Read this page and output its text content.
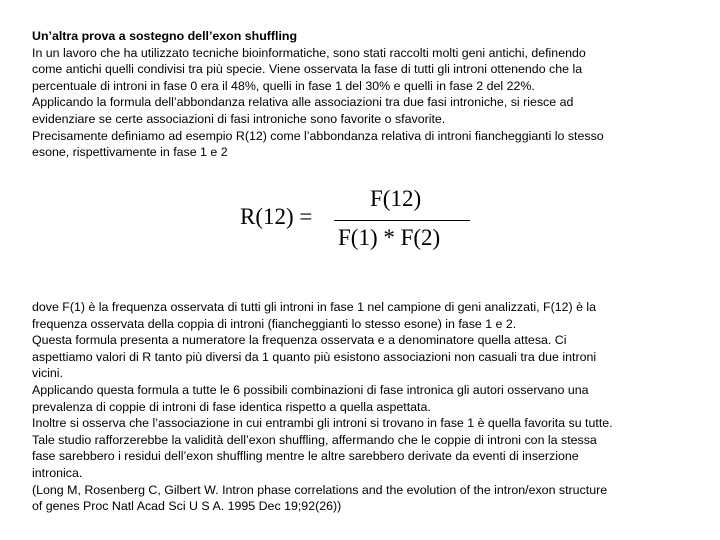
Un’altra prova a sostegno dell’exon shuffling
In un lavoro che ha utilizzato tecniche bioinformatiche, sono stati raccolti molti geni antichi, definendo
come antichi quelli condivisi tra più specie. Viene osservata la fase di tutti gli introni ottenendo che la
percentuale di introni in fase 0 era il 48%, quelli in fase 1 del 30% e quelli in fase 2 del 22%.
Applicando la formula dell’abbondanza relativa alle associazioni tra due fasi introniche, si riesce ad
evidenziare se certe associazioni di fasi introniche sono favorite o sfavorite.
Precisamente definiamo ad esempio R(12) come l’abbondanza relativa di introni fiancheggianti lo stesso
esone, rispettivamente in fase 1 e 2
R(12) =
F(12)
F(1) * F(2)
dove F(1) è la frequenza osservata di tutti gli introni in fase 1 nel campione di geni analizzati, F(12) è la
frequenza osservata della coppia di introni (fiancheggianti lo stesso esone) in fase 1 e 2.
Questa formula presenta a numeratore la frequenza osservata e a denominatore quella attesa. Ci
aspettiamo valori di R tanto più diversi da 1 quanto più esistono associazioni non casuali tra due introni
vicini.
Applicando questa formula a tutte le 6 possibili combinazioni di fase intronica gli autori osservano una
prevalenza di coppie di introni di fase identica rispetto a quella aspettata.
Inoltre si osserva che l’associazione in cui entrambi gli introni si trovano in fase 1 è quella favorita su tutte.
Tale studio rafforzerebbe la validità dell’exon shuffling, affermando che le coppie di introni con la stessa
fase sarebbero i residui dell’exon shuffling mentre le altre sarebbero derivate da eventi di inserzione
intronica.
(Long M, Rosenberg C, Gilbert W. Intron phase correlations and the evolution of the intron/exon structure
of genes Proc Natl Acad Sci U S A. 1995 Dec 19;92(26))
